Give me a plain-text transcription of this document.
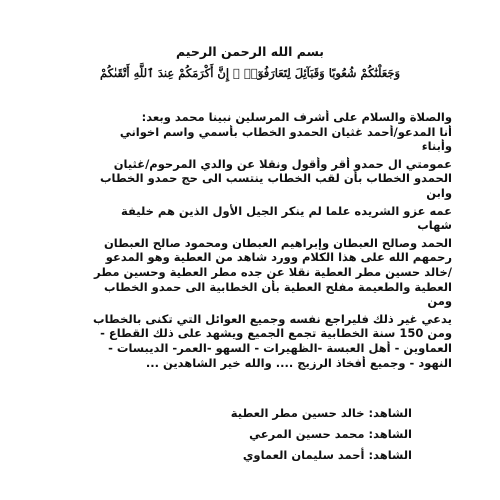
بسم الله الرحمن الرحيم
وَجَعَلْنَٰكُمْ شُعُوبًا وَقَبَآئِلَ لِتَعَارَفُوٓا۟ ۚ إِنَّ أَكْرَمَكُمْ عِندَ ٱللَّهِ أَتْقَىٰكُمْ

والصلاة والسلام على أشرف المرسلين نبينا محمد وبعد:

أنا المدعو/أحمد غثيان الحمدو الخطاب بأسمي واسم اخواني

وأبناء

عمومتي ال حمدو أقر وأقول ونقلا عن والدي المرحوم/غثيان

الحمدو الخطاب بأن لقب الخطاب ينتسب الى حج حمدو الخطاب

وابن

عمه عزو الشريده علما لم ينكر الجيل الأول الذين هم خليفة

شهاب

الحمد وصالح العبطان وإبراهيم العبطان ومحمود صالح العبطان

رحمهم الله على هذا الكلام وورد شاهد من العطية وهو المدعو

/خالد حسين مطر العطية نقلا عن جده مطر العطية وحسين مطر

العطية والطعيمة مفلح العطية بأن الخطابية الى حمدو الخطاب

ومن

يدعي غير ذلك فليراجع نفسه وجميع العوائل التي تكنى بالخطاب

ومن 150 سنة الخطابية تجمع الجميع ويشهد على ذلك القطاع -

العماوين - أهل العبسة -الظهيرات - السهو -العمر- الديبسات -

النهود - وجميع أفخاذ الرزيج .... والله خير الشاهدين ...

الشاهد: خالد حسين مطر العطية

الشاهد: محمد حسين المرعي

الشاهد: أحمد سليمان العماوي
